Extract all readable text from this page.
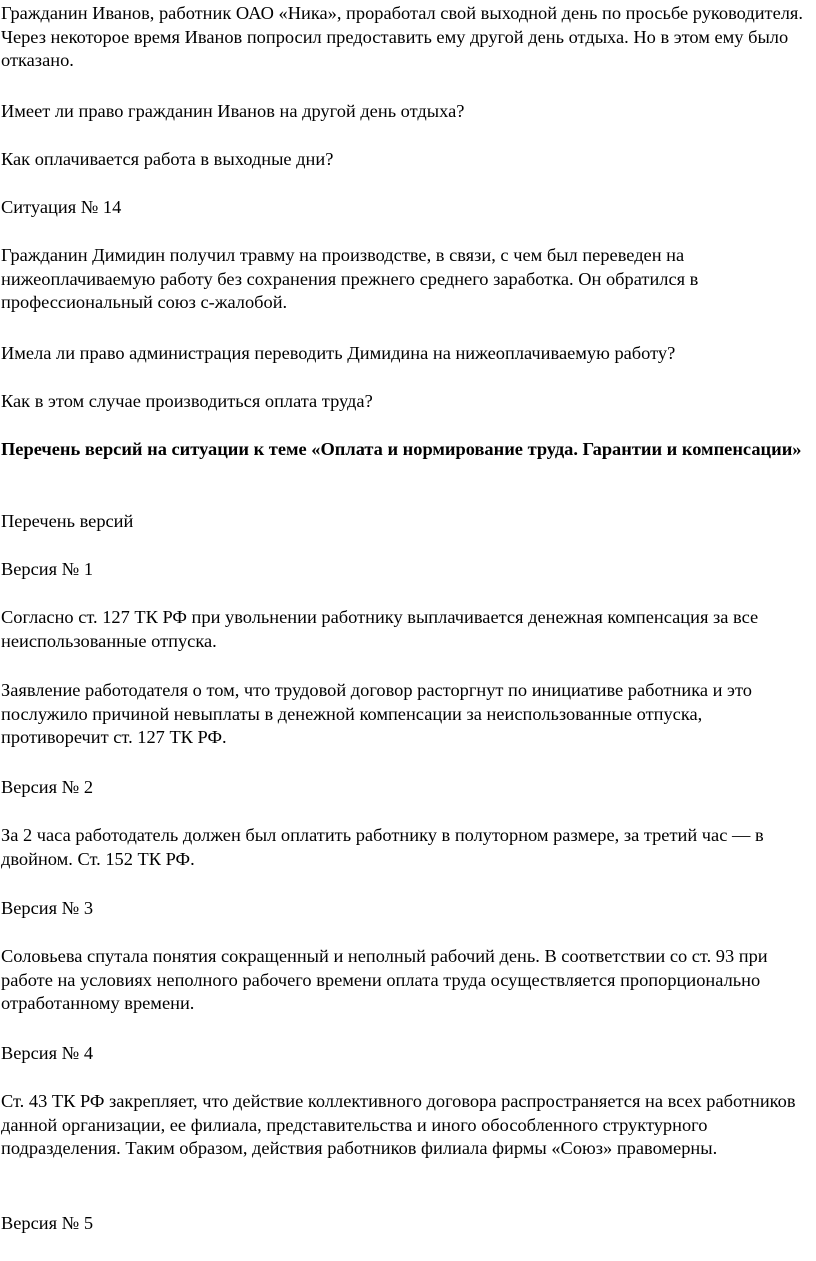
Гражданин Иванов, работник ОАО «Ника», проработал свой выходной день по просьбе руководителя. Через некоторое время Иванов попросил предоставить ему другой день отдыха. Но в этом ему было отказано.

Имеет ли право гражданин Иванов на другой день отдыха?

Как оплачивается работа в выходные дни?

Ситуация № 14

Гражданин Димидин получил травму на производстве, в связи, с чем был переведен на нижеоплачиваемую работу без сохранения прежнего среднего заработка. Он обратился в профессиональный союз с-жалобой.

Имела ли право администрация переводить Димидина на нижеоплачиваемую работу?

Как в этом случае производиться оплата труда?

Перечень версий на ситуации к теме «Оплата и нормирование труда. Гарантии и компенсации»

Перечень версий

Версия № 1

Согласно ст. 127 ТК РФ при увольнении работнику выплачивается денежная компенсация за все неиспользованные отпуска.

Заявление работодателя о том, что трудовой договор расторгнут по инициативе работника и это послужило причиной невыплаты в денежной компенсации за неиспользованные отпуска, противоречит ст. 127 ТК РФ.

Версия № 2

За 2 часа работодатель должен был оплатить работнику в полуторном размере, за третий час — в двойном. Ст. 152 ТК РФ.

Версия № 3

Соловьева спутала понятия сокращенный и неполный рабочий день. В соответствии со ст. 93 при работе на условиях неполного рабочего времени оплата труда осуществляется пропорционально отработанному времени.

Версия № 4

Ст. 43 ТК РФ закрепляет, что действие коллективного договора распространяется на всех работников данной организации, ее филиала, представительства и иного обособленного структурного подразделения. Таким образом, действия работников филиала фирмы «Союз» правомерны.

Версия № 5
